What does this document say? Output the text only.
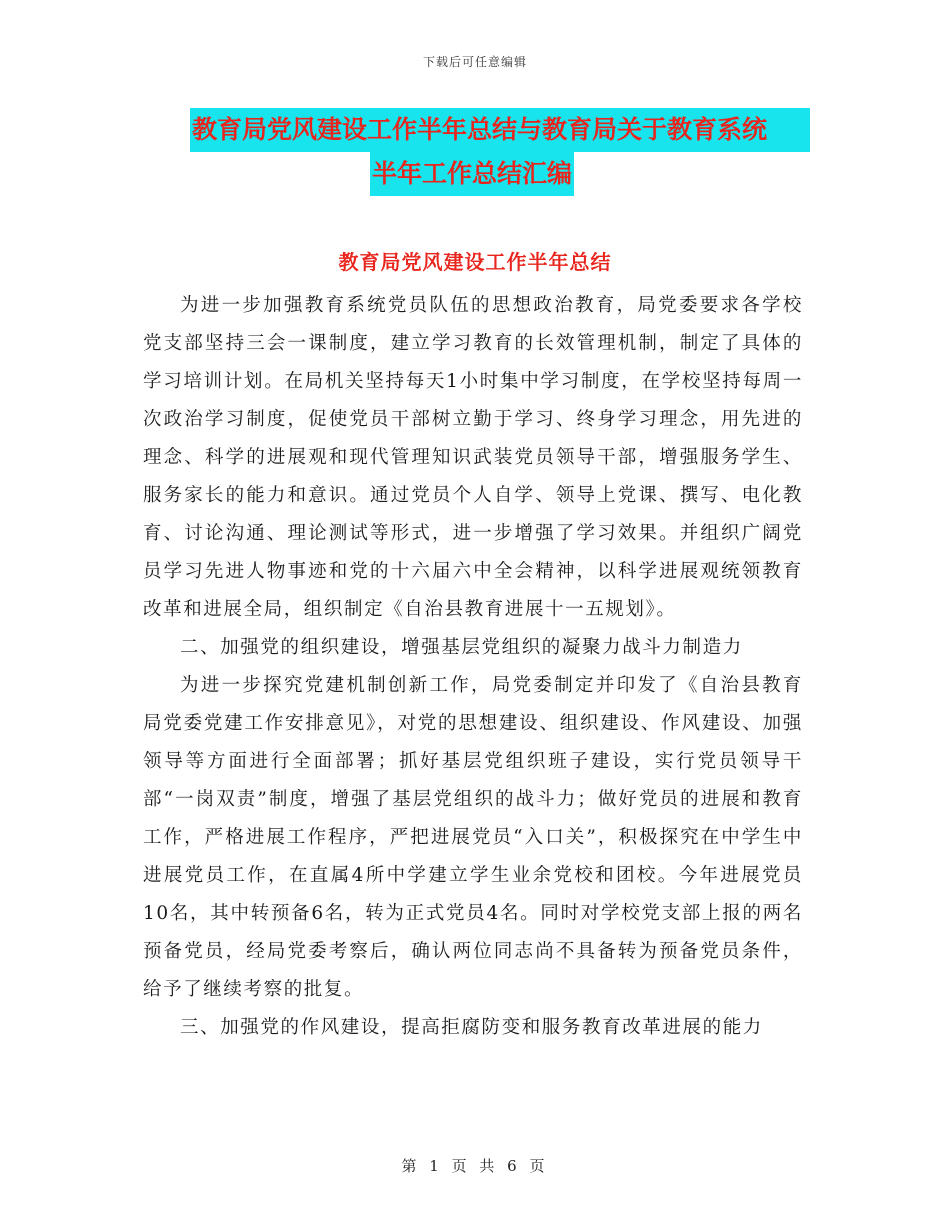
下载后可任意编辑
教育局党风建设工作半年总结与教育局关于教育系统
半年工作总结汇编
教育局党风建设工作半年总结

为进一步加强教育系统党员队伍的思想政治教育，局党委要求各学校党支部坚持三会一课制度，建立学习教育的长效管理机制，制定了具体的学习培训计划。在局机关坚持每天1小时集中学习制度，在学校坚持每周一次政治学习制度，促使党员干部树立勤于学习、终身学习理念，用先进的理念、科学的进展观和现代管理知识武装党员领导干部，增强服务学生、服务家长的能力和意识。通过党员个人自学、领导上党课、撰写、电化教育、讨论沟通、理论测试等形式，进一步增强了学习效果。并组织广阔党员学习先进人物事迹和党的十六届六中全会精神，以科学进展观统领教育改革和进展全局，组织制定《自治县教育进展十一五规划》。

二、加强党的组织建设，增强基层党组织的凝聚力战斗力制造力

为进一步探究党建机制创新工作，局党委制定并印发了《自治县教育局党委党建工作安排意见》，对党的思想建设、组织建设、作风建设、加强领导等方面进行全面部署；抓好基层党组织班子建设，实行党员领导干部“一岗双责”制度，增强了基层党组织的战斗力；做好党员的进展和教育工作，严格进展工作程序，严把进展党员“入口关”，积极探究在中学生中进展党员工作，在直属4所中学建立学生业余党校和团校。今年进展党员10名，其中转预备6名，转为正式党员4名。同时对学校党支部上报的两名预备党员，经局党委考察后，确认两位同志尚不具备转为预备党员条件，给予了继续考察的批复。

三、加强党的作风建设，提高拒腐防变和服务教育改革进展的能力

第 1 页 共 6 页
